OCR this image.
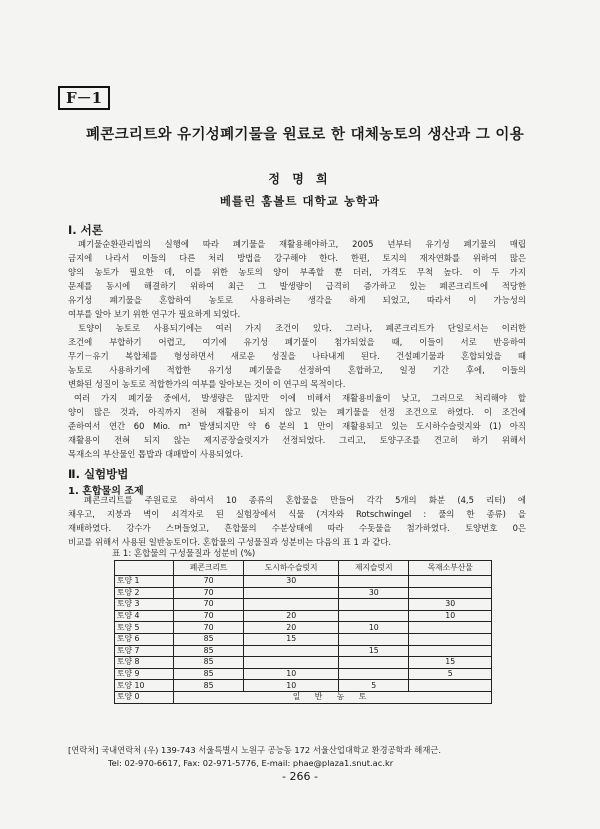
F－1
폐콘크리트와 유기성폐기물을 원료로 한 대체농토의 생산과 그 이용
정 명 희
베를린 훔볼트 대학교 농학과
Ⅰ. 서론
폐기물순환관리법의 실행에 따라 폐기물을 재활용해야하고, 2005 년부터 유기성 폐기물의 매립
금지에 나라서 이들의 다른 처리 방법을 강구해야 한다. 한편, 토지의 재자연화를 위하여 많은
양의 농토가 필요한 데, 이를 위한 농토의 양이 부족할 뿐 더러, 가격도 무척 높다. 이 두 가지
문제를 동시에 해결하기 위하여 최근 그 발생량이 급격히 증가하고 있는 폐콘크리트에 적당한
유기성 폐기물을 혼합하여 농토로 사용하려는 생각을 하게 되었고, 따라서 이 가능성의
여부를 알아 보기 위한 연구가 필요하게 되었다.
토양이 농토로 사용되기에는 여러 가지 조건이 있다. 그러나, 폐콘크리트가 단일로서는 이러한
조건에 부합하기 어렵고, 여기에 유기성 폐기물이 첨가되었을 때, 이들이 서로 반응하여
무기－유기 복합체를 형성하면서 새로운 성질을 나타내게 된다. 건설폐기물과 혼합되었을 때
농토로 사용하기에 적합한 유기성 폐기물을 선정하여 혼합하고, 일정 기간 후에, 이들의
변화된 성질이 농토로 적합한가의 여부를 알아보는 것이 이 연구의 목적이다.
여러 가지 폐기물 중에서, 발생량은 많지만 이에 비해서 재활용비율이 낮고, 그러므로 처리해야 할
양이 많은 것과, 아직까지 전혀 재활용이 되지 않고 있는 폐기물을 선정 조건으로 하였다. 이 조건에
준하여서 연간 60 Mio. m³ 발생되지만 약 6 분의 1 만이 재활용되고 있는 도시하수슬럿지와 (1) 아직
재활용이 전혀 되지 않는 제지공장슬럿지가 선정되었다. 그리고, 토양구조를 견고히 하기 위해서
목재소의 부산물인 톱밥과 대패밥이 사용되었다.
Ⅱ. 실험방법
1. 혼합물의 조제
폐콘크리트를 주원료로 하여서 10 종류의 혼합물을 만들어 각각 5개의 화분 (4,5 리터) 에
채우고, 지붕과 벽이 쇠격자로 된 실험장에서 식물 (겨자와 Rotschwingel : 풀의 한 종류) 을
재배하였다. 강수가 스며들었고, 흔합물의 수분상태에 따라 수돗물을 첨가하였다. 토양번호 0은
비교를 위해서 사용된 일반농토이다. 혼합물의 구성물질과 성분비는 다음의 표 1 과 같다.
표 1: 혼합물의 구성물질과 성분비 (%)
	폐콘크리트	도시하수슬럿지	제지슬럿지	목재소부산물
토양 1	70	30		
토양 2	70		30	
토양 3	70			30
토양 4	70	20		10
토양 5	70	20	10	
토양 6	85	15		
토양 7	85		15	
토양 8	85			15
토양 9	85	10		5
토양 10	85	10	5	
토양 0	일 반 농 토			
[연락처] 국내연락처 (우) 139-743 서울특별시 노원구 공능동 172 서울산업대학교 환경공학과 해재근.
Tel: 02-970-6617, Fax: 02-971-5776, E-mail: phae@plaza1.snut.ac.kr
- 266 -
